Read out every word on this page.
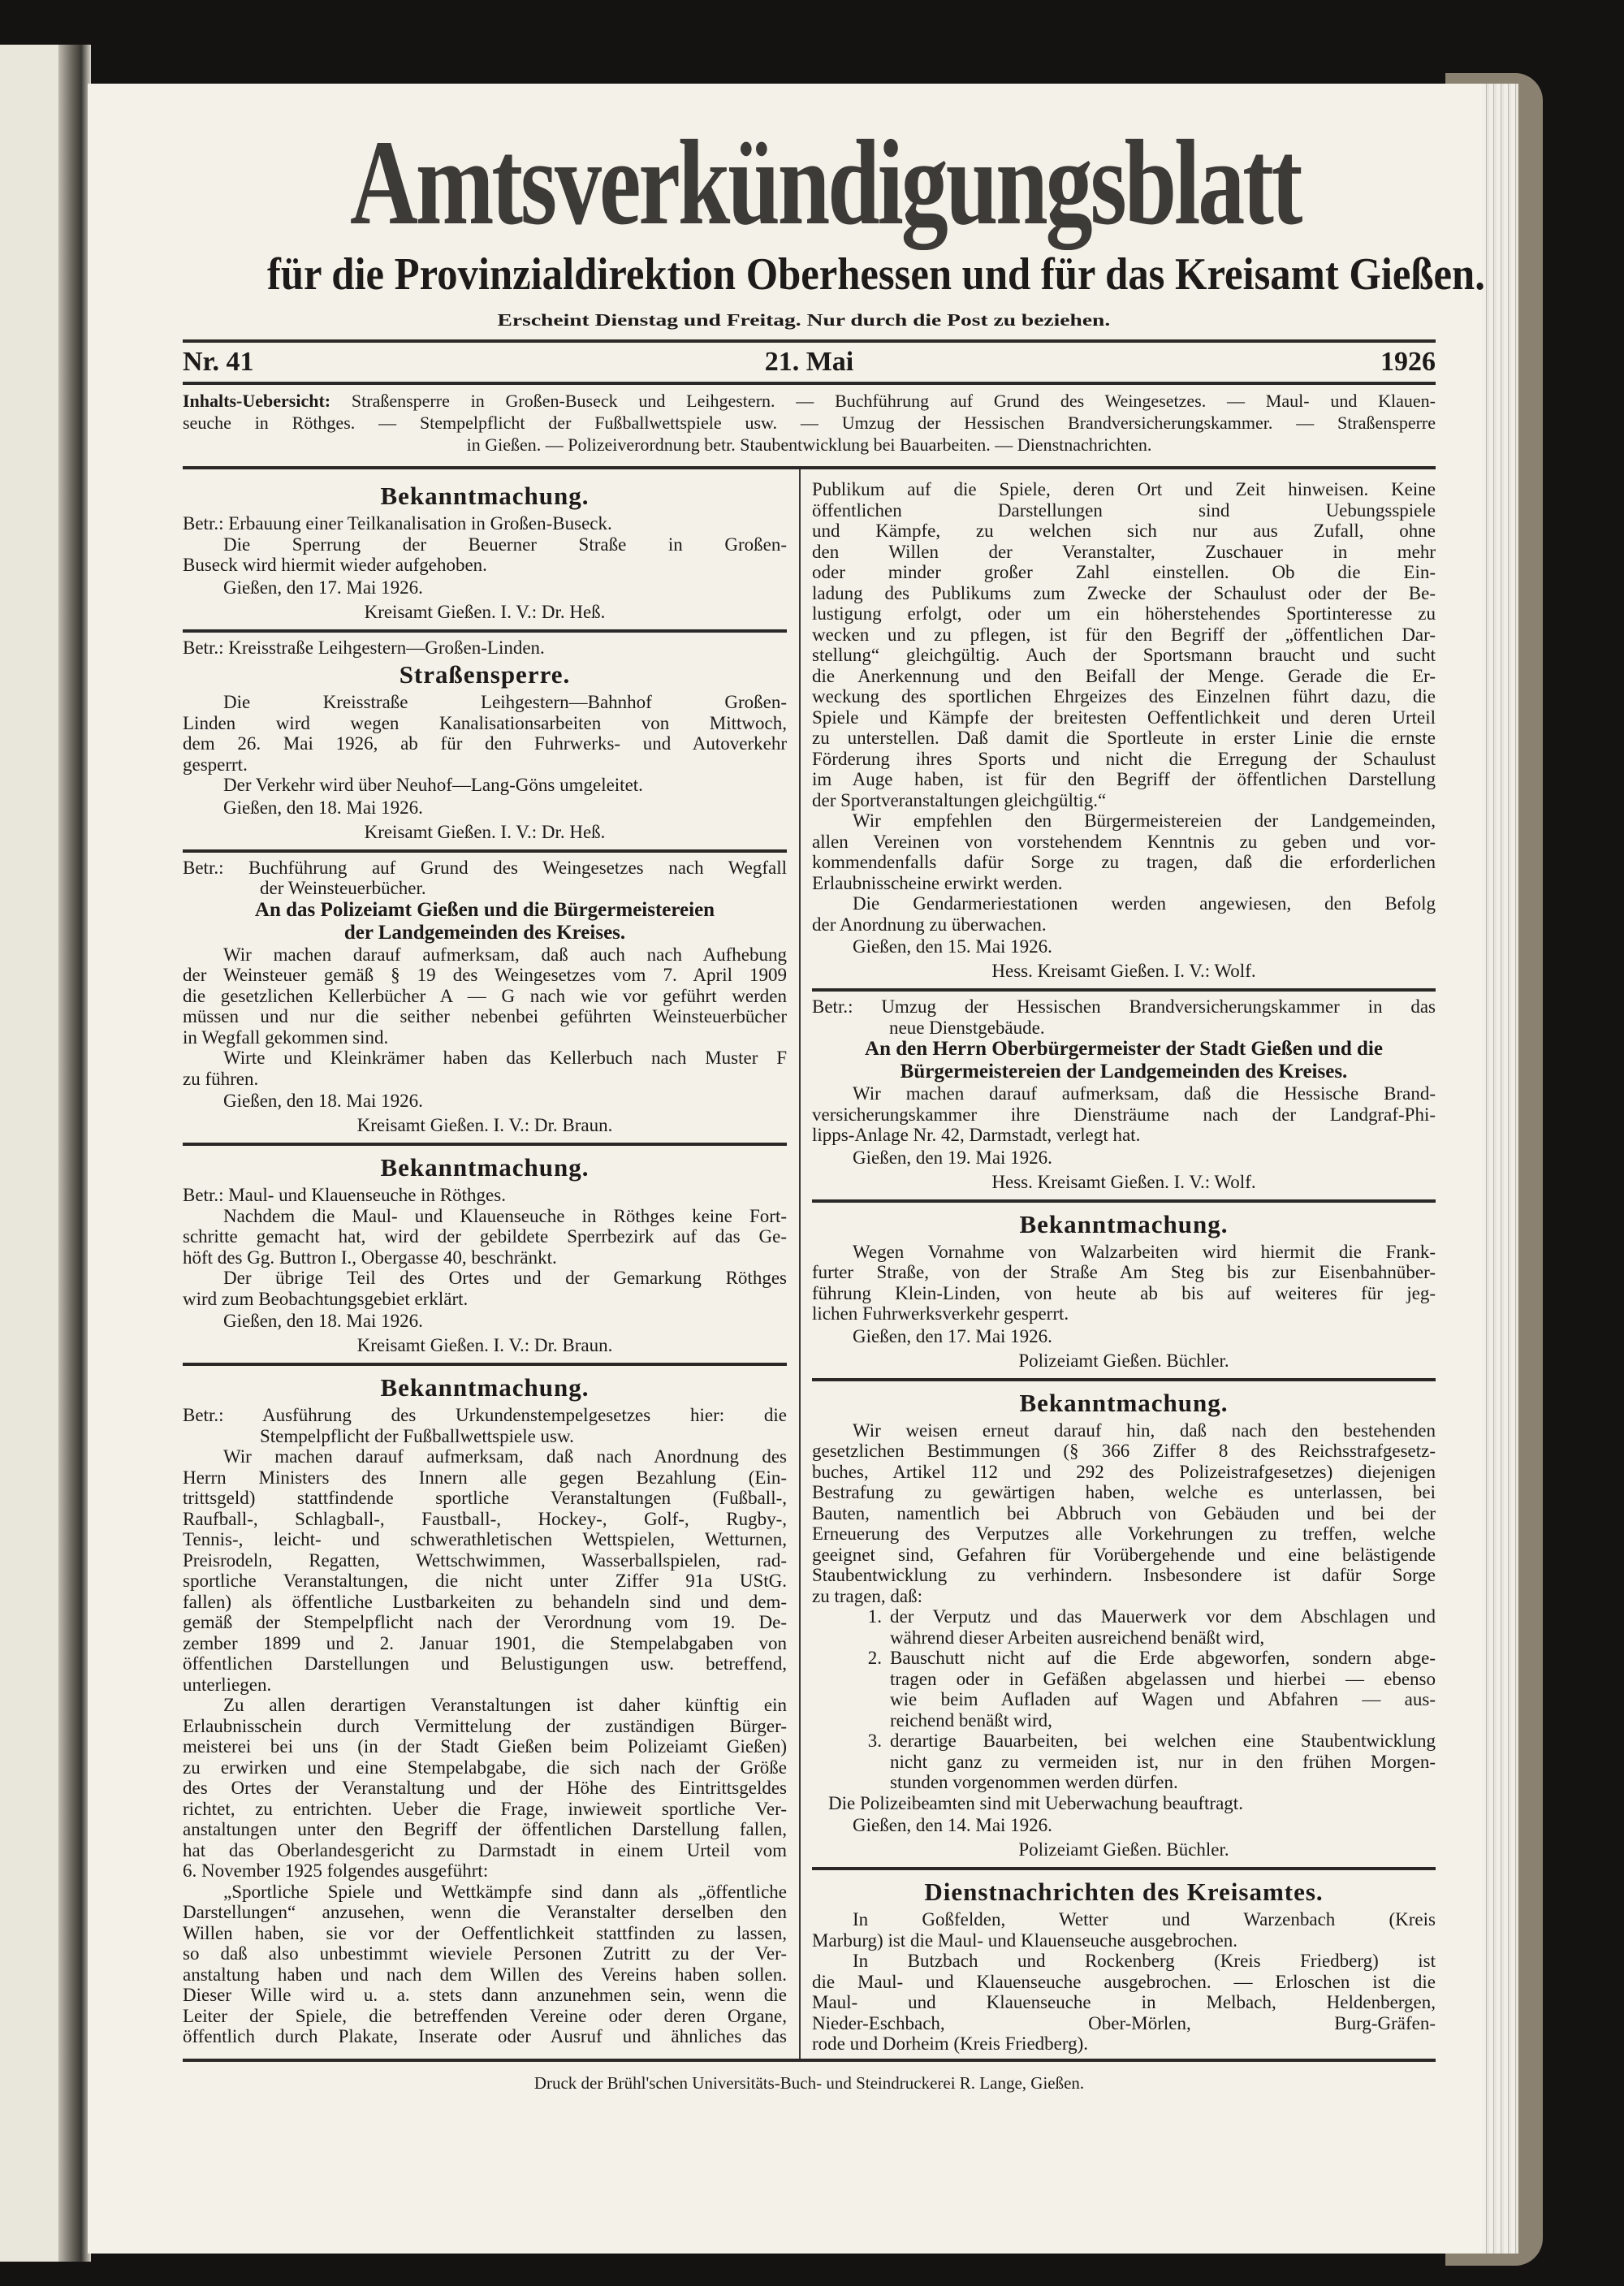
Amtsverkündigungsblatt
für die Provinzialdirektion Oberhessen und für das Kreisamt Gießen.
Erscheint Dienstag und Freitag. Nur durch die Post zu beziehen.
Nr. 41	21. Mai	1926
Inhalts-Uebersicht: Straßensperre in Großen-Buseck und Leihgestern. — Buchführung auf Grund des Weingesetzes. — Maul- und Klauen-
seuche in Röthges. — Stempelpflicht der Fußballwettspiele usw. — Umzug der Hessischen Brandversicherungskammer. — Straßensperre
in Gießen. — Polizeiverordnung betr. Staubentwicklung bei Bauarbeiten. — Dienstnachrichten.
Bekanntmachung.
Betr.: Erbauung einer Teilkanalisation in Großen-Buseck.
Die Sperrung der Beuerner Straße in Großen-
Buseck wird hiermit wieder aufgehoben.
Gießen, den 17. Mai 1926.
Kreisamt Gießen. I. V.: Dr. Heß.
Betr.: Kreisstraße Leihgestern—Großen-Linden.
Straßensperre.
Die Kreisstraße Leihgestern—Bahnhof Großen-
Linden wird wegen Kanalisationsarbeiten von Mittwoch,
dem 26. Mai 1926, ab für den Fuhrwerks- und Autoverkehr
gesperrt.
Der Verkehr wird über Neuhof—Lang-Göns umgeleitet.
Gießen, den 18. Mai 1926.
Kreisamt Gießen. I. V.: Dr. Heß.
Betr.: Buchführung auf Grund des Weingesetzes nach Wegfall
der Weinsteuerbücher.
An das Polizeiamt Gießen und die Bürgermeistereien
der Landgemeinden des Kreises.
Wir machen darauf aufmerksam, daß auch nach Aufhebung
der Weinsteuer gemäß § 19 des Weingesetzes vom 7. April 1909
die gesetzlichen Kellerbücher A — G nach wie vor geführt werden
müssen und nur die seither nebenbei geführten Weinsteuerbücher
in Wegfall gekommen sind.
Wirte und Kleinkrämer haben das Kellerbuch nach Muster F
zu führen.
Gießen, den 18. Mai 1926.
Kreisamt Gießen. I. V.: Dr. Braun.
Bekanntmachung.
Betr.: Maul- und Klauenseuche in Röthges.
Nachdem die Maul- und Klauenseuche in Röthges keine Fort-
schritte gemacht hat, wird der gebildete Sperrbezirk auf das Ge-
höft des Gg. Buttron I., Obergasse 40, beschränkt.
Der übrige Teil des Ortes und der Gemarkung Röthges
wird zum Beobachtungsgebiet erklärt.
Gießen, den 18. Mai 1926.
Kreisamt Gießen. I. V.: Dr. Braun.
Bekanntmachung.
Betr.: Ausführung des Urkundenstempelgesetzes hier: die
Stempelpflicht der Fußballwettspiele usw.
Wir machen darauf aufmerksam, daß nach Anordnung des
Herrn Ministers des Innern alle gegen Bezahlung (Ein-
trittsgeld) stattfindende sportliche Veranstaltungen (Fußball-,
Raufball-, Schlagball-, Faustball-, Hockey-, Golf-, Rugby-,
Tennis-, leicht- und schwerathletischen Wettspielen, Wetturnen,
Preisrodeln, Regatten, Wettschwimmen, Wasserballspielen, rad-
sportliche Veranstaltungen, die nicht unter Ziffer 91a UStG.
fallen) als öffentliche Lustbarkeiten zu behandeln sind und dem-
gemäß der Stempelpflicht nach der Verordnung vom 19. De-
zember 1899 und 2. Januar 1901, die Stempelabgaben von
öffentlichen Darstellungen und Belustigungen usw. betreffend,
unterliegen.
Zu allen derartigen Veranstaltungen ist daher künftig ein
Erlaubnisschein durch Vermittelung der zuständigen Bürger-
meisterei bei uns (in der Stadt Gießen beim Polizeiamt Gießen)
zu erwirken und eine Stempelabgabe, die sich nach der Größe
des Ortes der Veranstaltung und der Höhe des Eintrittsgeldes
richtet, zu entrichten. Ueber die Frage, inwieweit sportliche Ver-
anstaltungen unter den Begriff der öffentlichen Darstellung fallen,
hat das Oberlandesgericht zu Darmstadt in einem Urteil vom
6. November 1925 folgendes ausgeführt:
„Sportliche Spiele und Wettkämpfe sind dann als „öffentliche
Darstellungen“ anzusehen, wenn die Veranstalter derselben den
Willen haben, sie vor der Oeffentlichkeit stattfinden zu lassen,
so daß also unbestimmt wieviele Personen Zutritt zu der Ver-
anstaltung haben und nach dem Willen des Vereins haben sollen.
Dieser Wille wird u. a. stets dann anzunehmen sein, wenn die
Leiter der Spiele, die betreffenden Vereine oder deren Organe,
öffentlich durch Plakate, Inserate oder Ausruf und ähnliches das
Publikum auf die Spiele, deren Ort und Zeit hinweisen. Keine
öffentlichen Darstellungen sind Uebungsspiele
und Kämpfe, zu welchen sich nur aus Zufall, ohne
den Willen der Veranstalter, Zuschauer in mehr
oder minder großer Zahl einstellen. Ob die Ein-
ladung des Publikums zum Zwecke der Schaulust oder der Be-
lustigung erfolgt, oder um ein höherstehendes Sportinteresse zu
wecken und zu pflegen, ist für den Begriff der „öffentlichen Dar-
stellung“ gleichgültig. Auch der Sportsmann braucht und sucht
die Anerkennung und den Beifall der Menge. Gerade die Er-
weckung des sportlichen Ehrgeizes des Einzelnen führt dazu, die
Spiele und Kämpfe der breitesten Oeffentlichkeit und deren Urteil
zu unterstellen. Daß damit die Sportleute in erster Linie die ernste
Förderung ihres Sports und nicht die Erregung der Schaulust
im Auge haben, ist für den Begriff der öffentlichen Darstellung
der Sportveranstaltungen gleichgültig.“
Wir empfehlen den Bürgermeistereien der Landgemeinden,
allen Vereinen von vorstehendem Kenntnis zu geben und vor-
kommendenfalls dafür Sorge zu tragen, daß die erforderlichen
Erlaubnisscheine erwirkt werden.
Die Gendarmeriestationen werden angewiesen, den Befolg
der Anordnung zu überwachen.
Gießen, den 15. Mai 1926.
Hess. Kreisamt Gießen. I. V.: Wolf.
Betr.: Umzug der Hessischen Brandversicherungskammer in das
neue Dienstgebäude.
An den Herrn Oberbürgermeister der Stadt Gießen und die
Bürgermeistereien der Landgemeinden des Kreises.
Wir machen darauf aufmerksam, daß die Hessische Brand-
versicherungskammer ihre Diensträume nach der Landgraf-Phi-
lipps-Anlage Nr. 42, Darmstadt, verlegt hat.
Gießen, den 19. Mai 1926.
Hess. Kreisamt Gießen. I. V.: Wolf.
Bekanntmachung.
Wegen Vornahme von Walzarbeiten wird hiermit die Frank-
furter Straße, von der Straße Am Steg bis zur Eisenbahnüber-
führung Klein-Linden, von heute ab bis auf weiteres für jeg-
lichen Fuhrwerksverkehr gesperrt.
Gießen, den 17. Mai 1926.
Polizeiamt Gießen. Büchler.
Bekanntmachung.
Wir weisen erneut darauf hin, daß nach den bestehenden
gesetzlichen Bestimmungen (§ 366 Ziffer 8 des Reichsstrafgesetz-
buches, Artikel 112 und 292 des Polizeistrafgesetzes) diejenigen
Bestrafung zu gewärtigen haben, welche es unterlassen, bei
Bauten, namentlich bei Abbruch von Gebäuden und bei der
Erneuerung des Verputzes alle Vorkehrungen zu treffen, welche
geeignet sind, Gefahren für Vorübergehende und eine belästigende
Staubentwicklung zu verhindern. Insbesondere ist dafür Sorge
zu tragen, daß:
1. der Verputz und das Mauerwerk vor dem Abschlagen und
während dieser Arbeiten ausreichend benäßt wird,
2. Bauschutt nicht auf die Erde abgeworfen, sondern abge-
tragen oder in Gefäßen abgelassen und hierbei — ebenso
wie beim Aufladen auf Wagen und Abfahren — aus-
reichend benäßt wird,
3. derartige Bauarbeiten, bei welchen eine Staubentwicklung
nicht ganz zu vermeiden ist, nur in den frühen Morgen-
stunden vorgenommen werden dürfen.
Die Polizeibeamten sind mit Ueberwachung beauftragt.
Gießen, den 14. Mai 1926.
Polizeiamt Gießen. Büchler.
Dienstnachrichten des Kreisamtes.
In Goßfelden, Wetter und Warzenbach (Kreis
Marburg) ist die Maul- und Klauenseuche ausgebrochen.
In Butzbach und Rockenberg (Kreis Friedberg) ist
die Maul- und Klauenseuche ausgebrochen. — Erloschen ist die
Maul- und Klauenseuche in Melbach, Heldenbergen,
Nieder-Eschbach, Ober-Mörlen, Burg-Gräfen-
rode und Dorheim (Kreis Friedberg).
Druck der Brühl'schen Universitäts-Buch- und Steindruckerei R. Lange, Gießen.
